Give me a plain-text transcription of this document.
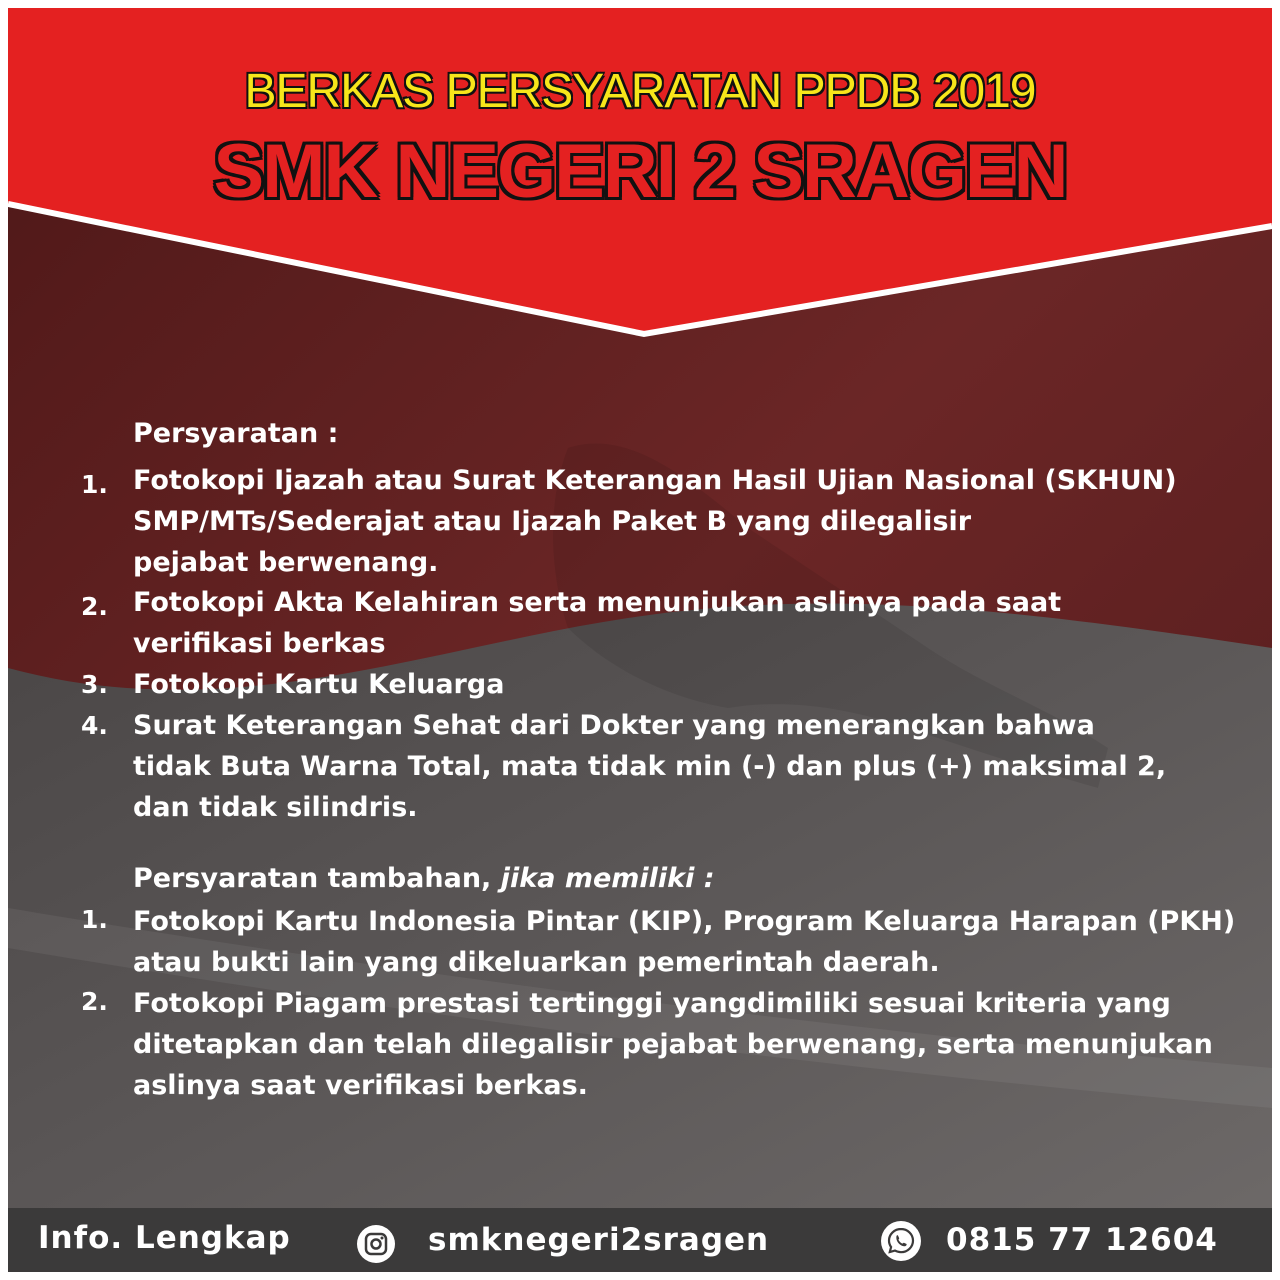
BERKAS PERSYARATAN PPDB 2019
SMK NEGERI 2 SRAGEN
Persyaratan :
1. Fotokopi Ijazah atau Surat Keterangan Hasil Ujian Nasional (SKHUN)
SMP/MTs/Sederajat atau Ijazah Paket B yang dilegalisir
pejabat berwenang.
2. Fotokopi Akta Kelahiran serta menunjukan aslinya pada saat
verifikasi berkas
3. Fotokopi Kartu Keluarga
4. Surat Keterangan Sehat dari Dokter yang menerangkan bahwa
tidak Buta Warna Total, mata tidak min (-) dan plus (+) maksimal 2,
dan tidak silindris.
Persyaratan tambahan, jika memiliki :
1. Fotokopi Kartu Indonesia Pintar (KIP), Program Keluarga Harapan (PKH)
atau bukti lain yang dikeluarkan pemerintah daerah.
2. Fotokopi Piagam prestasi tertinggi yangdimiliki sesuai kriteria yang
ditetapkan dan telah dilegalisir pejabat berwenang, serta menunjukan
aslinya saat verifikasi berkas.
Info. Lengkap	smknegeri2sragen	0815 77 12604
